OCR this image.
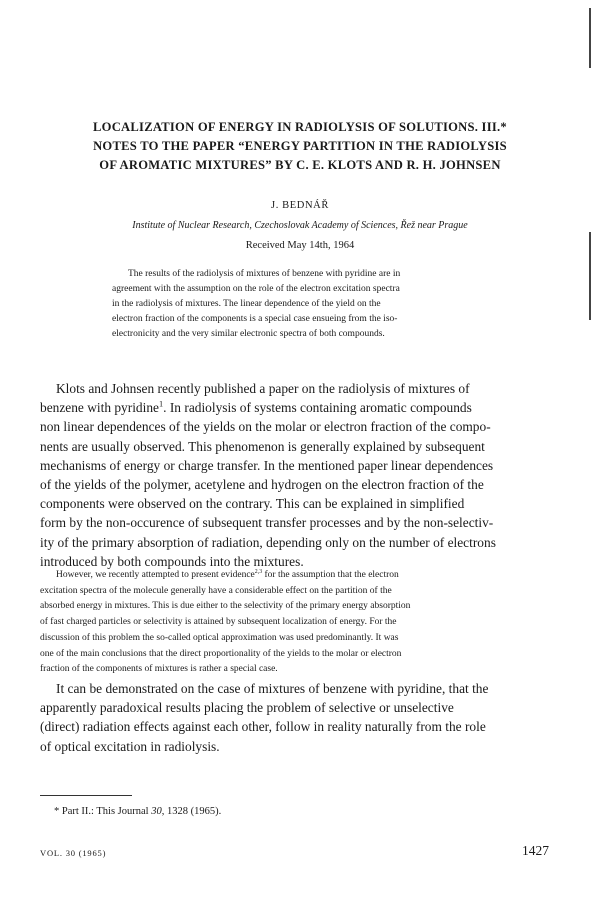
LOCALIZATION OF ENERGY IN RADIOLYSIS OF SOLUTIONS. III.*
NOTES TO THE PAPER “ENERGY PARTITION IN THE RADIOLYSIS
OF AROMATIC MIXTURES” BY C. E. KLOTS AND R. H. JOHNSEN
J. BEDNÁŘ
Institute of Nuclear Research, Czechoslovak Academy of Sciences, Řež near Prague
Received May 14th, 1964
The results of the radiolysis of mixtures of benzene with pyridine are in
agreement with the assumption on the role of the electron excitation spectra
in the radiolysis of mixtures. The linear dependence of the yield on the
electron fraction of the components is a special case ensueing from the iso-
electronicity and the very similar electronic spectra of both compounds.
Klots and Johnsen recently published a paper on the radiolysis of mixtures of
benzene with pyridine$^1$. In radiolysis of systems containing aromatic compounds
non linear dependences of the yields on the molar or electron fraction of the compo-
nents are usually observed. This phenomenon is generally explained by subsequent
mechanisms of energy or charge transfer. In the mentioned paper linear dependences
of the yields of the polymer, acetylene and hydrogen on the electron fraction of the
components were observed on the contrary. This can be explained in simplified
form by the non-occurence of subsequent transfer processes and by the non-selectiv-
ity of the primary absorption of radiation, depending only on the number of electrons
introduced by both compounds into the mixtures.
However, we recently attempted to present evidence$^{2,3}$ for the assumption that the electron
excitation spectra of the molecule generally have a considerable effect on the partition of the
absorbed energy in mixtures. This is due either to the selectivity of the primary energy absorption
of fast charged particles or selectivity is attained by subsequent localization of energy. For the
discussion of this problem the so-called optical approximation was used predominantly. It was
one of the main conclusions that the direct proportionality of the yields to the molar or electron
fraction of the components of mixtures is rather a special case.
It can be demonstrated on the case of mixtures of benzene with pyridine, that the
apparently paradoxical results placing the problem of selective or unselective
(direct) radiation effects against each other, follow in reality naturally from the role
of optical excitation in radiolysis.
* Part II.: This Journal 30, 1328 (1965).
VOL. 30 (1965)	1427
